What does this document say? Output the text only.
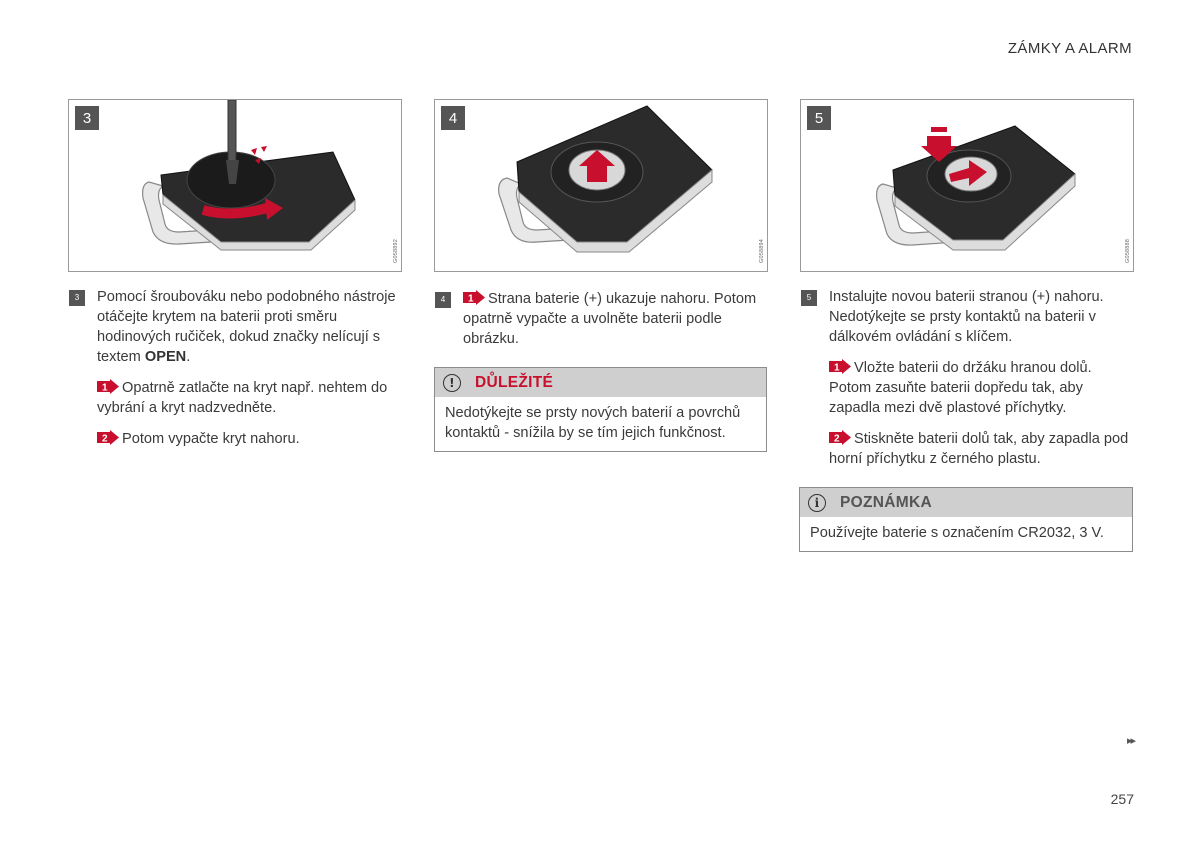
ZÁMKY A ALARM
3
G058892
4
G058894
5
G058888
3	Pomocí šroubováku nebo podobného nástroje otáčejte krytem na baterii proti směru hodinových ručiček, dokud značky nelícují s textem OPEN.
1 Opatrně zatlačte na kryt např. nehtem do vybrání a kryt nadzvedněte.
2 Potom vypačte kryt nahoru.
4	1 Strana baterie (+) ukazuje nahoru. Potom opatrně vypačte a uvolněte baterii podle obrázku.
!	DŮLEŽITÉ
Nedotýkejte se prsty nových baterií a povrchů kontaktů - snížila by se tím jejich funkčnost.
5	Instalujte novou baterii stranou (+) nahoru. Nedotýkejte se prsty kontaktů na baterii v dálkovém ovládání s klíčem.
1 Vložte baterii do držáku hranou dolů. Potom zasuňte baterii dopředu tak, aby zapadla mezi dvě plastové příchytky.
2 Stiskněte baterii dolů tak, aby zapadla pod horní příchytku z černého plastu.
i	POZNÁMKA
Používejte baterie s označením CR2032, 3 V.
▸▸
257
